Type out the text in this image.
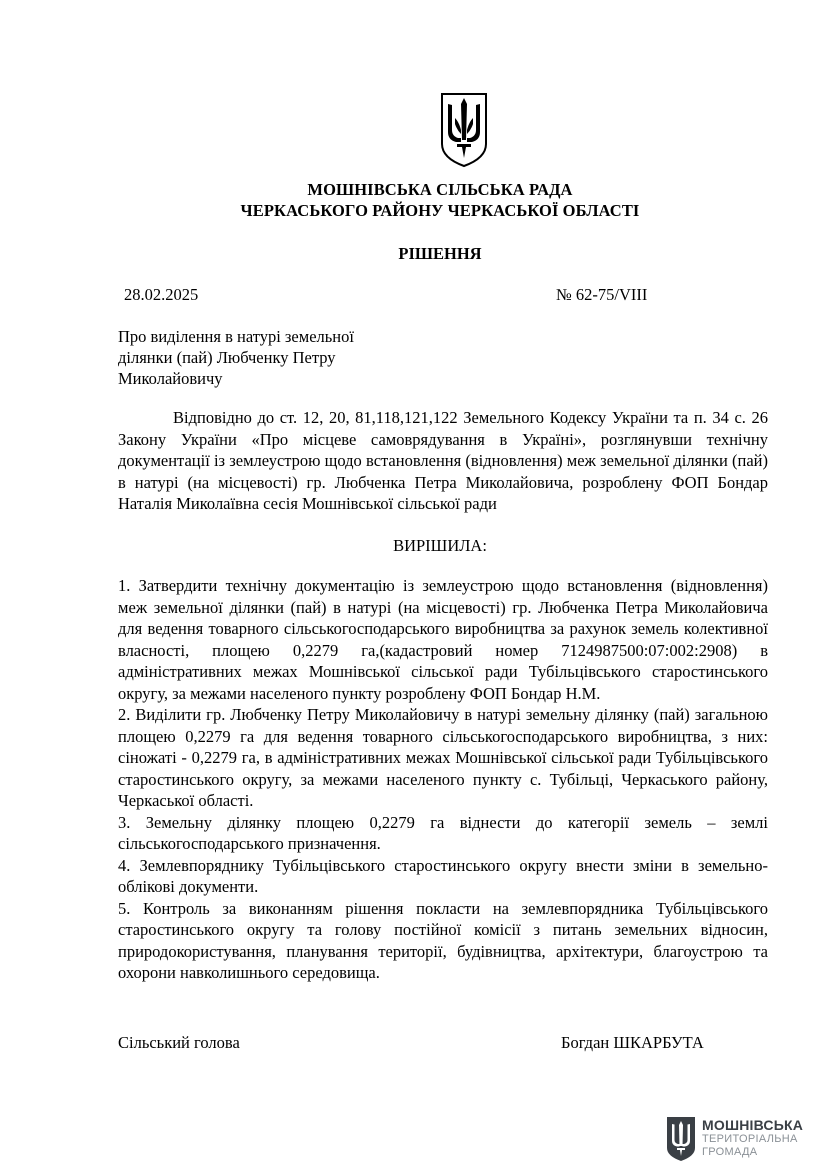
МОШНІВСЬКА СІЛЬСЬКА РАДА
ЧЕРКАСЬКОГО РАЙОНУ ЧЕРКАСЬКОЇ ОБЛАСТІ
РІШЕННЯ
28.02.2025	№ 62-75/VIII
Про виділення в натурі земельної
ділянки (пай) Любченку Петру
Миколайовичу
Відповідно до ст. 12, 20, 81,118,121,122 Земельного Кодексу України та п. 34 с. 26 Закону України «Про місцеве самоврядування в Україні», розглянувши технічну документації із землеустрою щодо встановлення (відновлення) меж земельної ділянки (пай) в натурі (на місцевості) гр. Любченка Петра Миколайовича, розроблену ФОП Бондар Наталія Миколаївна сесія Мошнівської сільської ради
ВИРІШИЛА:

1. Затвердити технічну документацію із землеустрою щодо встановлення (відновлення) меж земельної ділянки (пай) в натурі (на місцевості) гр. Любченка Петра Миколайовича для ведення товарного сільськогосподарського виробництва за рахунок земель колективної власності, площею 0,2279 га,(кадастровий номер 7124987500:07:002:2908) в адміністративних межах Мошнівської сільської ради Тубільцівського старостинського округу, за межами населеного пункту розроблену ФОП Бондар Н.М.

2. Виділити гр. Любченку Петру Миколайовичу в натурі земельну ділянку (пай) загальною площею 0,2279 га для ведення товарного сільськогосподарського виробництва, з них: сіножаті - 0,2279 га, в адміністративних межах Мошнівської сільської ради Тубільцівського старостинського округу, за межами населеного пункту с. Тубільці, Черкаського району, Черкаської області.

3. Земельну ділянку площею 0,2279 га віднести до категорії земель – землі сільськогосподарського призначення.

4. Землевпоряднику Тубільцівського старостинського округу внести зміни в земельно-облікові документи.

5. Контроль за виконанням рішення покласти на землевпорядника Тубільцівського старостинського округу та голову постійної комісії з питань земельних відносин, природокористування, планування території, будівництва, архітектури, благоустрою та охорони навколишнього середовища.

Сільський голова	Богдан ШКАРБУТА
МОШНІВСЬКА
ТЕРИТОРІАЛЬНА
ГРОМАДА
